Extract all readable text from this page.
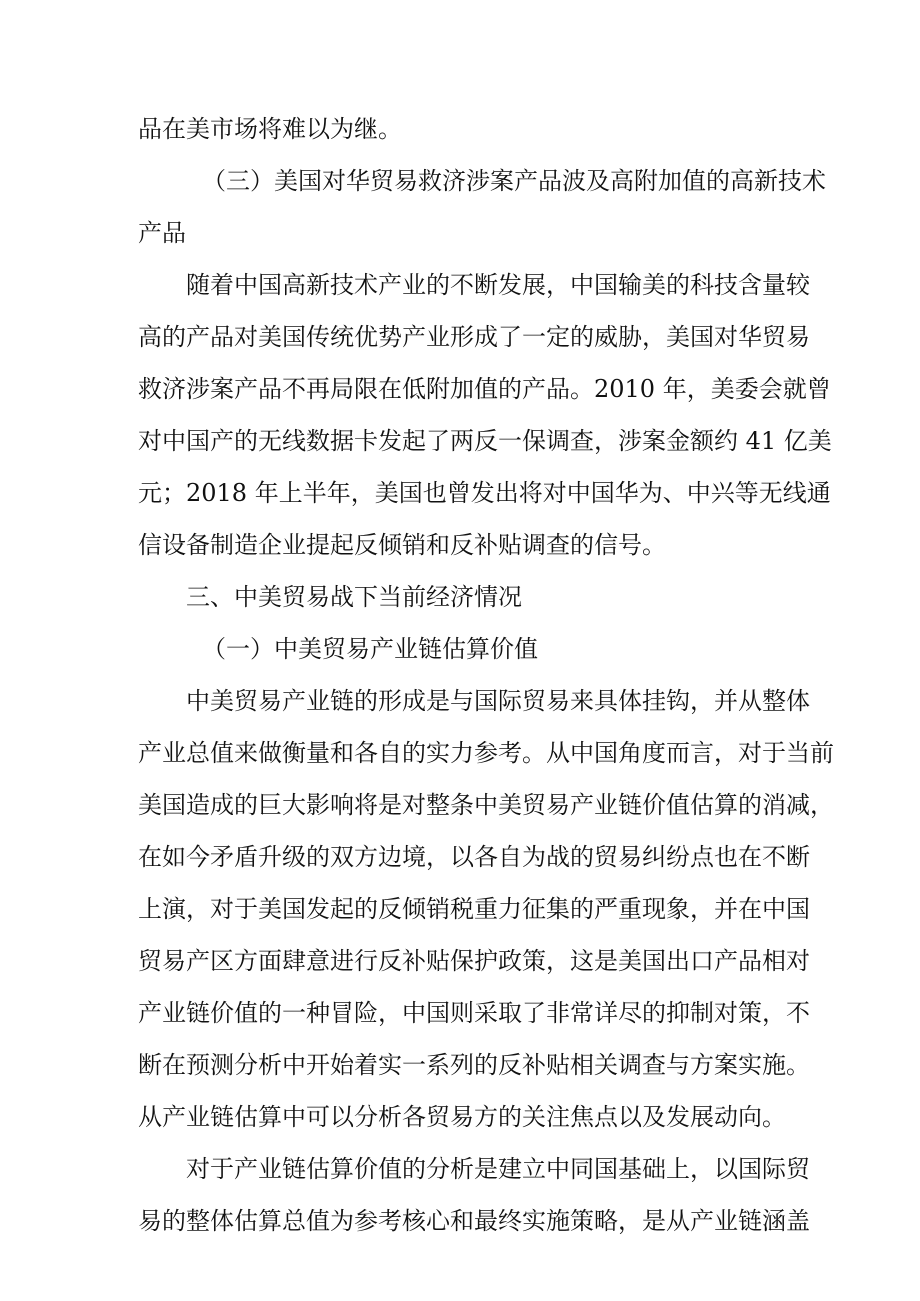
品在美市场将难以为继。
（三）美国对华贸易救济涉案产品波及高附加值的高新技术
产品
随着中国高新技术产业的不断发展，中国输美的科技含量较
高的产品对美国传统优势产业形成了一定的威胁，美国对华贸易
救济涉案产品不再局限在低附加值的产品。2010 年，美委会就曾
对中国产的无线数据卡发起了两反一保调查，涉案金额约 41 亿美
元；2018 年上半年，美国也曾发出将对中国华为、中兴等无线通
信设备制造企业提起反倾销和反补贴调查的信号。
三、中美贸易战下当前经济情况
（一）中美贸易产业链估算价值
中美贸易产业链的形成是与国际贸易来具体挂钩，并从整体
产业总值来做衡量和各自的实力参考。从中国角度而言，对于当前
美国造成的巨大影响将是对整条中美贸易产业链价值估算的消减，
在如今矛盾升级的双方边境，以各自为战的贸易纠纷点也在不断
上演，对于美国发起的反倾销税重力征集的严重现象，并在中国
贸易产区方面肆意进行反补贴保护政策，这是美国出口产品相对
产业链价值的一种冒险，中国则采取了非常详尽的抑制对策，不
断在预测分析中开始着实一系列的反补贴相关调查与方案实施。
从产业链估算中可以分析各贸易方的关注焦点以及发展动向。
对于产业链估算价值的分析是建立中同国基础上，以国际贸
易的整体估算总值为参考核心和最终实施策略，是从产业链涵盖
